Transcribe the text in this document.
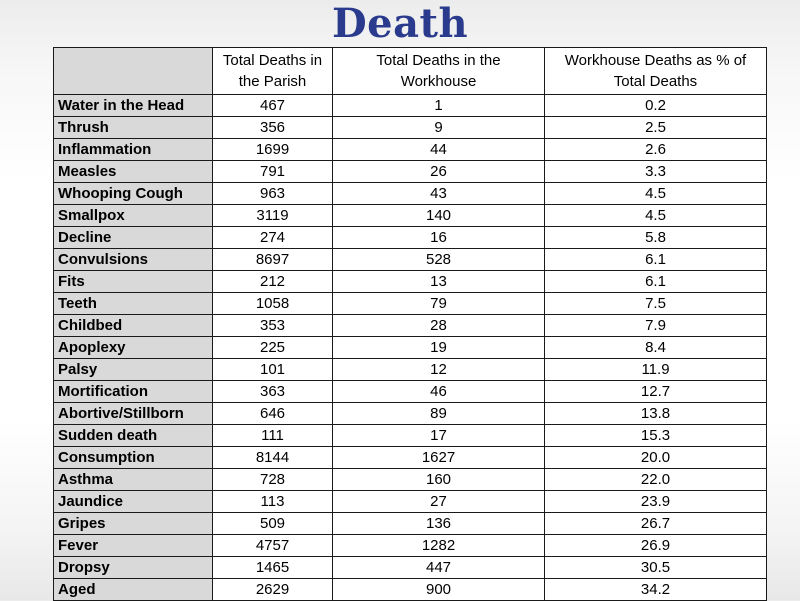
Death
	Total Deaths in the Parish	Total Deaths in the Workhouse	Workhouse Deaths as % of Total Deaths
Water in the Head	467	1	0.2
Thrush	356	9	2.5
Inflammation	1699	44	2.6
Measles	791	26	3.3
Whooping Cough	963	43	4.5
Smallpox	3119	140	4.5
Decline	274	16	5.8
Convulsions	8697	528	6.1
Fits	212	13	6.1
Teeth	1058	79	7.5
Childbed	353	28	7.9
Apoplexy	225	19	8.4
Palsy	101	12	11.9
Mortification	363	46	12.7
Abortive/Stillborn	646	89	13.8
Sudden death	111	17	15.3
Consumption	8144	1627	20.0
Asthma	728	160	22.0
Jaundice	113	27	23.9
Gripes	509	136	26.7
Fever	4757	1282	26.9
Dropsy	1465	447	30.5
Aged	2629	900	34.2
